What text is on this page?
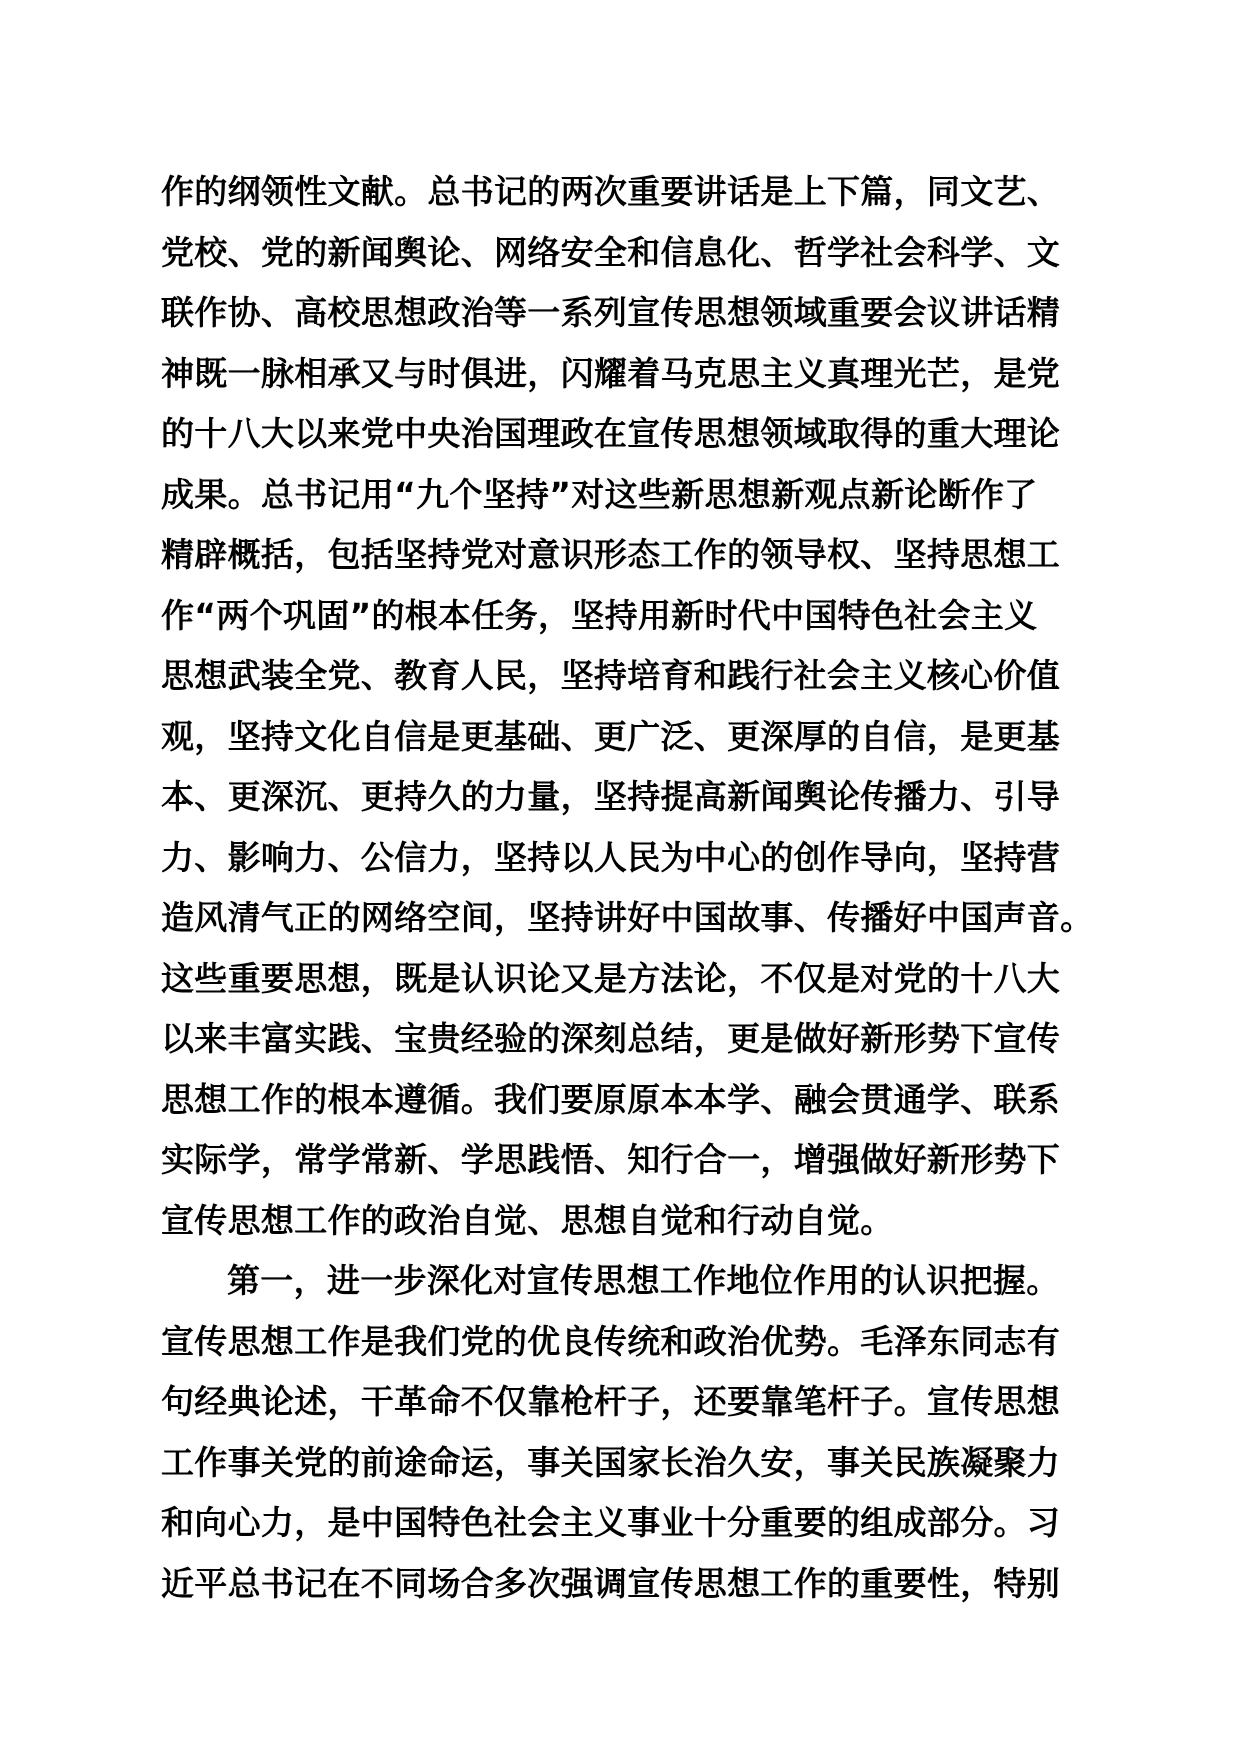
作的纲领性文献。总书记的两次重要讲话是上下篇，同文艺、
党校、党的新闻舆论、网络安全和信息化、哲学社会科学、文
联作协、高校思想政治等一系列宣传思想领域重要会议讲话精
神既一脉相承又与时俱进，闪耀着马克思主义真理光芒，是党
的十八大以来党中央治国理政在宣传思想领域取得的重大理论
成果。总书记用“九个坚持”对这些新思想新观点新论断作了
精辟概括，包括坚持党对意识形态工作的领导权、坚持思想工
作“两个巩固”的根本任务，坚持用新时代中国特色社会主义
思想武装全党、教育人民，坚持培育和践行社会主义核心价值
观，坚持文化自信是更基础、更广泛、更深厚的自信，是更基
本、更深沉、更持久的力量，坚持提高新闻舆论传播力、引导
力、影响力、公信力，坚持以人民为中心的创作导向，坚持营
造风清气正的网络空间，坚持讲好中国故事、传播好中国声音。
这些重要思想，既是认识论又是方法论，不仅是对党的十八大
以来丰富实践、宝贵经验的深刻总结，更是做好新形势下宣传
思想工作的根本遵循。我们要原原本本学、融会贯通学、联系
实际学，常学常新、学思践悟、知行合一，增强做好新形势下
宣传思想工作的政治自觉、思想自觉和行动自觉。
第一，进一步深化对宣传思想工作地位作用的认识把握。
宣传思想工作是我们党的优良传统和政治优势。毛泽东同志有
句经典论述，干革命不仅靠枪杆子，还要靠笔杆子。宣传思想
工作事关党的前途命运，事关国家长治久安，事关民族凝聚力
和向心力，是中国特色社会主义事业十分重要的组成部分。习
近平总书记在不同场合多次强调宣传思想工作的重要性，特别
